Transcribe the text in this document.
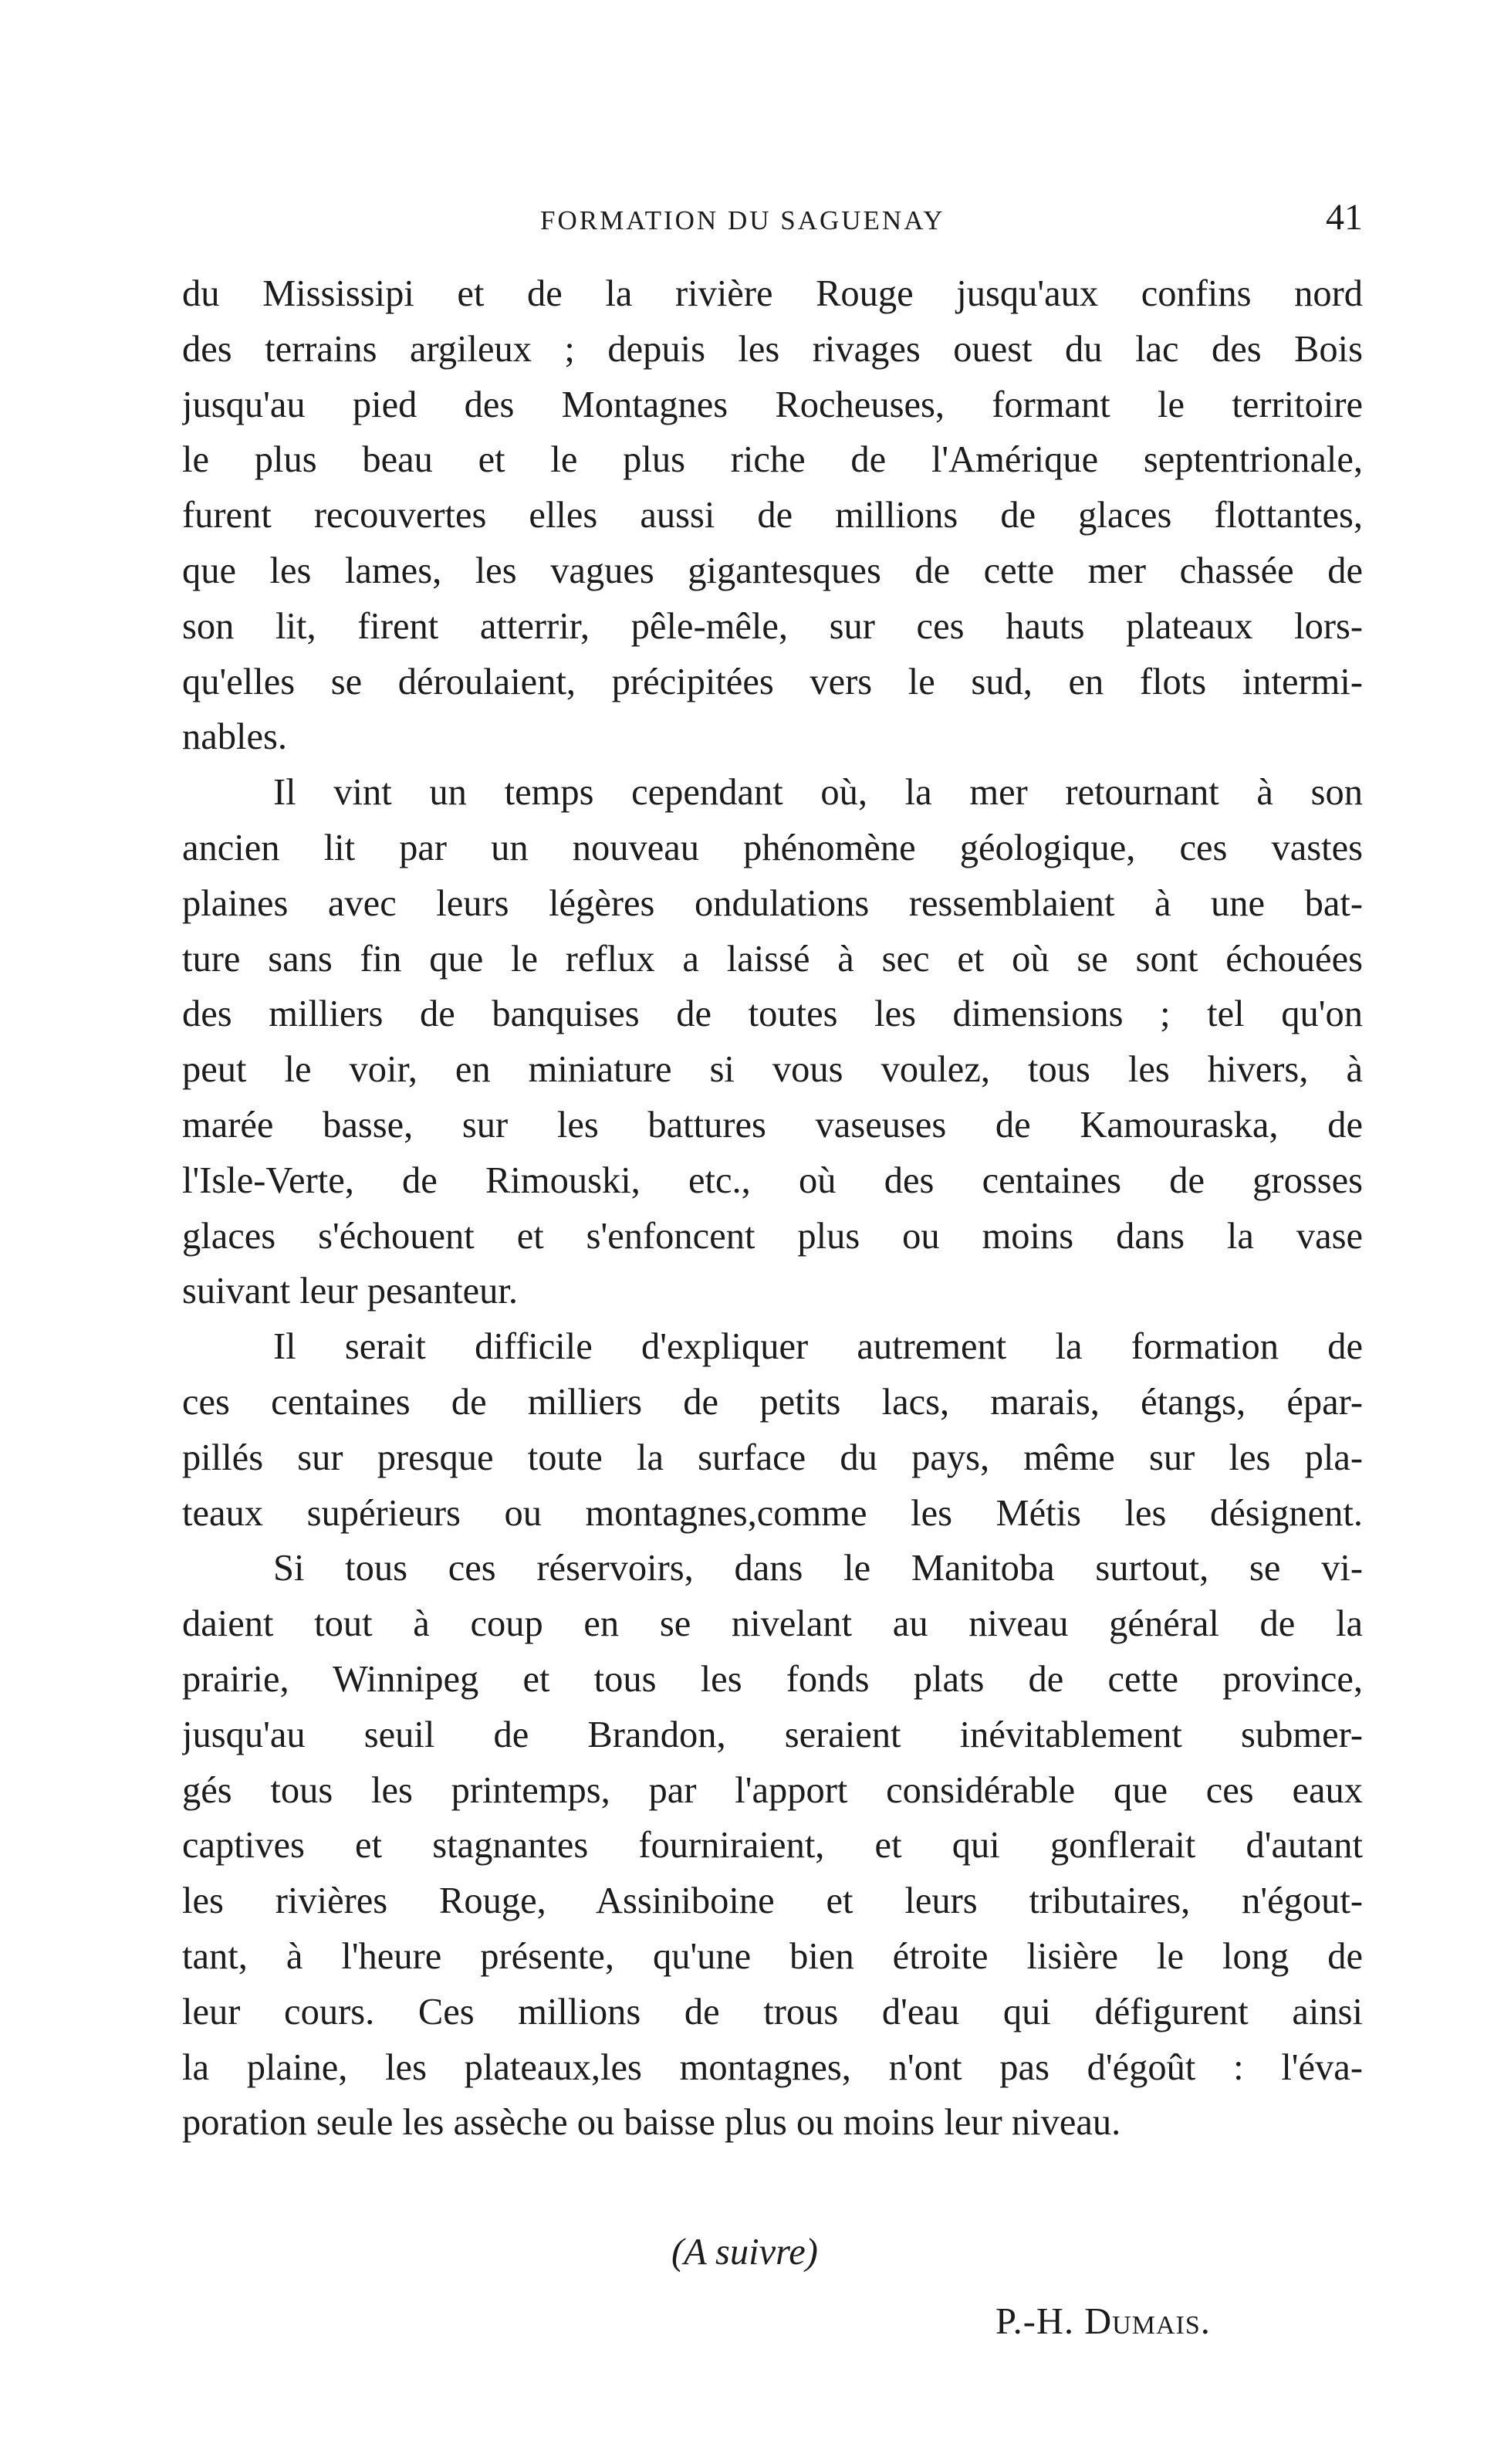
FORMATION DU SAGUENAY	41
du Mississipi et de la rivière Rouge jusqu'aux confins nord
des terrains argileux ; depuis les rivages ouest du lac des Bois
jusqu'au pied des Montagnes Rocheuses, formant le territoire
le plus beau et le plus riche de l'Amérique septentrionale,
furent recouvertes elles aussi de millions de glaces flottantes,
que les lames, les vagues gigantesques de cette mer chassée de
son lit, firent atterrir, pêle-mêle, sur ces hauts plateaux lors-
qu'elles se déroulaient, précipitées vers le sud, en flots intermi-
nables.
Il vint un temps cependant où, la mer retournant à son
ancien lit par un nouveau phénomène géologique, ces vastes
plaines avec leurs légères ondulations ressemblaient à une bat-
ture sans fin que le reflux a laissé à sec et où se sont échouées
des milliers de banquises de toutes les dimensions ; tel qu'on
peut le voir, en miniature si vous voulez, tous les hivers, à
marée basse, sur les battures vaseuses de Kamouraska, de
l'Isle-Verte, de Rimouski, etc., où des centaines de grosses
glaces s'échouent et s'enfoncent plus ou moins dans la vase
suivant leur pesanteur.
Il serait difficile d'expliquer autrement la formation de
ces centaines de milliers de petits lacs, marais, étangs, épar-
pillés sur presque toute la surface du pays, même sur les pla-
teaux supérieurs ou montagnes,comme les Métis les désignent.
Si tous ces réservoirs, dans le Manitoba surtout, se vi-
daient tout à coup en se nivelant au niveau général de la
prairie, Winnipeg et tous les fonds plats de cette province,
jusqu'au seuil de Brandon, seraient inévitablement submer-
gés tous les printemps, par l'apport considérable que ces eaux
captives et stagnantes fourniraient, et qui gonflerait d'autant
les rivières Rouge, Assiniboine et leurs tributaires, n'égout-
tant, à l'heure présente, qu'une bien étroite lisière le long de
leur cours. Ces millions de trous d'eau qui défigurent ainsi
la plaine, les plateaux,les montagnes, n'ont pas d'égoût : l'éva-
poration seule les assèche ou baisse plus ou moins leur niveau.
(A suivre)
P.-H. Dumais.
